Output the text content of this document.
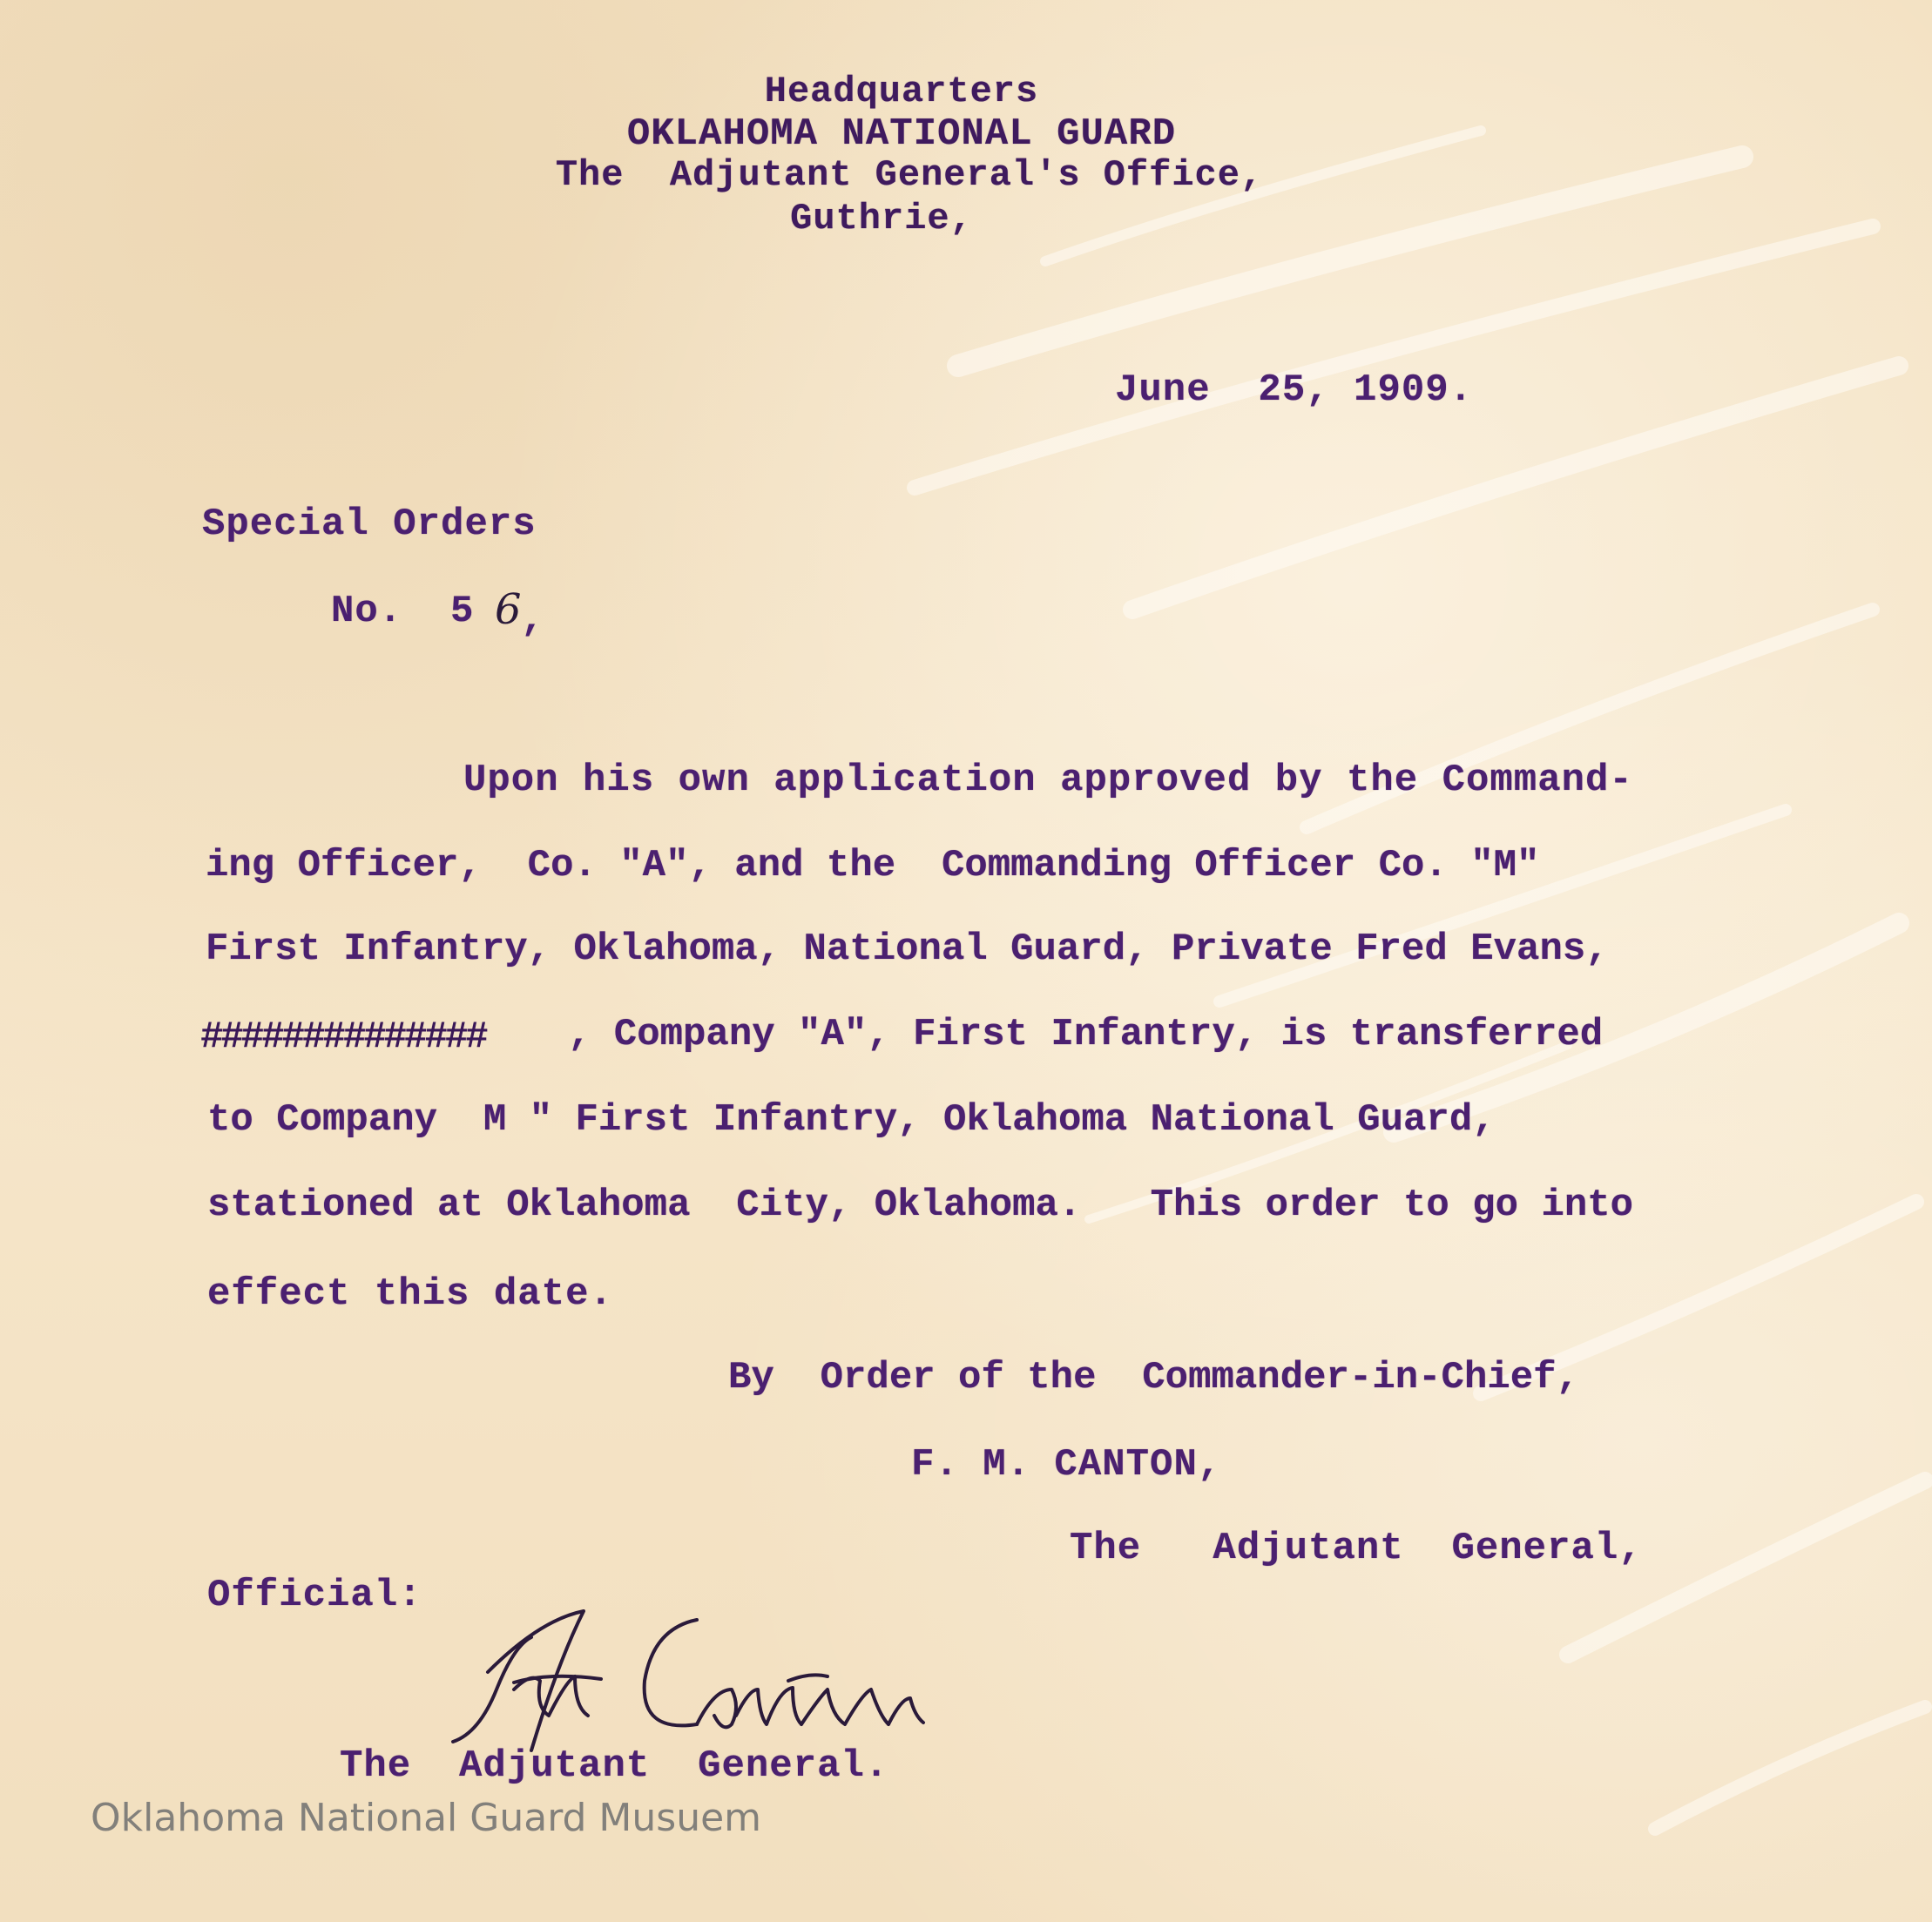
Headquarters
OKLAHOMA NATIONAL GUARD
The  Adjutant General's Office,
Guthrie,
June  25, 1909.
Special Orders
No.  5 6 ,
Upon his own application approved by the Command-
ing Officer,  Co. "A", and the  Commanding Officer Co. "M"
First Infantry, Oklahoma, National Guard, Private Fred Evans,
############## , Company "A", First Infantry, is transferred
to Company  M " First Infantry, Oklahoma National Guard,
stationed at Oklahoma  City, Oklahoma.   This order to go into
effect this date.
By  Order of the  Commander-in-Chief,
F. M. CANTON,
The   Adjutant  General,
Official:
The  Adjutant  General.
Oklahoma National Guard Musuem
